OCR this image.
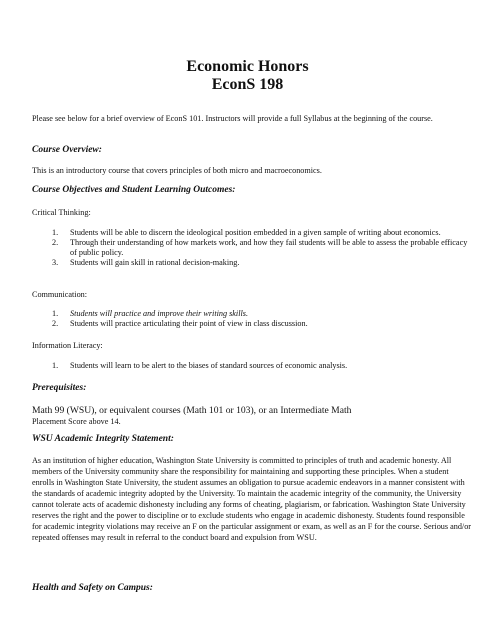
Economic Honors
EconS 198

Please see below for a brief overview of EconS 101. Instructors will provide a full Syllabus at the beginning of the course.

Course Overview:

This is an introductory course that covers principles of both micro and macroeconomics.

Course Objectives and Student Learning Outcomes:

Critical Thinking:

1. Students will be able to discern the ideological position embedded in a given sample of writing about economics.
2. Through their understanding of how markets work, and how they fail students will be able to assess the probable efficacy of public policy.
3. Students will gain skill in rational decision-making.

Communication:

1. Students will practice and improve their writing skills.
2. Students will practice articulating their point of view in class discussion.

Information Literacy:

1. Students will learn to be alert to the biases of standard sources of economic analysis.

Prerequisites:

Math 99 (WSU), or equivalent courses (Math 101 or 103), or an Intermediate Math

Placement Score above 14.

WSU Academic Integrity Statement:

As an institution of higher education, Washington State University is committed to principles of truth and academic honesty. All members of the University community share the responsibility for maintaining and supporting these principles. When a student enrolls in Washington State University, the student assumes an obligation to pursue academic endeavors in a manner consistent with the standards of academic integrity adopted by the University. To maintain the academic integrity of the community, the University cannot tolerate acts of academic dishonesty including any forms of cheating, plagiarism, or fabrication. Washington State University reserves the right and the power to discipline or to exclude students who engage in academic dishonesty. Students found responsible for academic integrity violations may receive an F on the particular assignment or exam, as well as an F for the course. Serious and/or repeated offenses may result in referral to the conduct board and expulsion from WSU.

Health and Safety on Campus:
